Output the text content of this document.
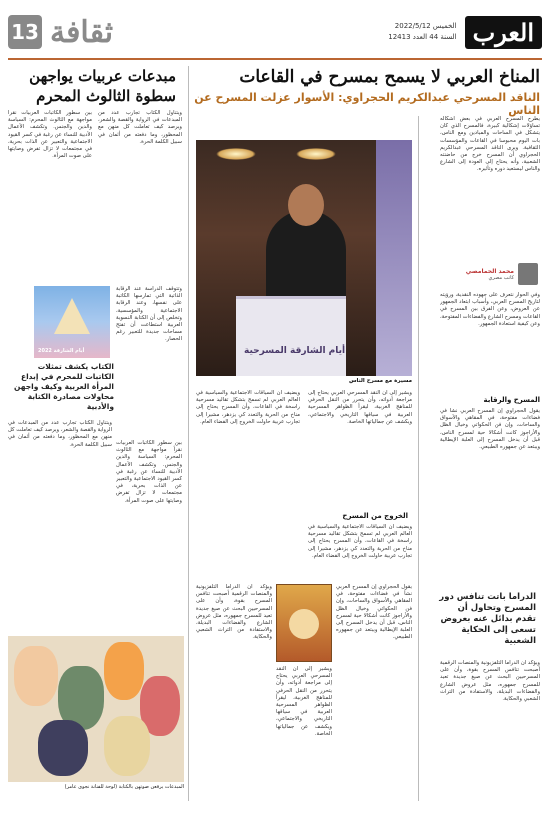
13 ثقافة	الخميس 2022/5/12
السنة 44 العدد 12413 العرب
المناخ العربي لا يسمح بمسرح في القاعات
الناقد المسرحي عبدالكريم الحجراوي: الأسوار عزلت المسرح عن الناس
يطرح المسرح العربي في بعض أشكاله تساؤلات إشكالية كبيرة، فالمسرح الذي كان يتشكل في الساحات والميادين ومع الناس، بات اليوم محبوسا في القاعات والمؤسسات الثقافية. ويرى الناقد المسرحي عبدالكريم الحجراوي أن المسرح خرج من حاضنته الشعبية، وأنه يحتاج إلى العودة إلى الشارع والناس ليستعيد دوره وتأثيره.
محمد الحمامصي
كاتب مصري
وفي الحوار نتعرف على جهوده النقدية، ورؤيته لتاريخ المسرح العربي، وأسباب ابتعاد الجمهور عن العروض، وعن الفرق بين المسرح في القاعات ومسرح الشارع والفضاءات المفتوحة، وعن كيفية استعادة الجمهور.
المسرح والرقابة
يقول الحجراوي إن المسرح العربي نشأ في فضاءات مفتوحة، في المقاهي والأسواق والساحات، وإن فن الحكواتي وخيال الظل والأراجوز كانت أشكالا حية لمسرح الناس، قبل أن يدخل المسرح إلى العلبة الإيطالية ويبتعد عن جمهوره الطبيعي.
الدراما باتت تنافس دور المسرح وتحاول أن تقدم بدائل عنه بعروض تسعى إلى الحكاية الشعبية
ويؤكد أن الدراما التلفزيونية والمنصات الرقمية أصبحت تنافس المسرح بقوة، وأن على المسرحيين البحث عن صيغ جديدة تعيد للمسرح جمهوره، مثل عروض الشارع والفضاءات البديلة، والاستفادة من التراث الشعبي والحكاية.
أيام الشارقة المسرحية
مسيرة مع مسرح الناس
ويضيف أن السياقات الاجتماعية والسياسية في العالم العربي لم تسمح بتشكل تقاليد مسرحية راسخة في القاعات، وأن المسرح يحتاج إلى مناخ من الحرية والتعدد كي يزدهر، مشيرا إلى تجارب عربية حاولت الخروج إلى الفضاء العام.
الخروج من المسرح
ويشير إلى أن النقد المسرحي العربي يحتاج إلى مراجعة أدواته، وأن يتحرر من النقل الحرفي للمناهج الغربية، ليقرأ الظواهر المسرحية العربية في سياقها التاريخي والاجتماعي، ويكشف عن جمالياتها الخاصة.
ويضيف أن السياقات الاجتماعية والسياسية في العالم العربي لم تسمح بتشكل تقاليد مسرحية راسخة في القاعات، وأن المسرح يحتاج إلى مناخ من الحرية والتعدد كي يزدهر، مشيرا إلى تجارب عربية حاولت الخروج إلى الفضاء العام.
ويؤكد أن الدراما التلفزيونية والمنصات الرقمية أصبحت تنافس المسرح بقوة، وأن على المسرحيين البحث عن صيغ جديدة تعيد للمسرح جمهوره، مثل عروض الشارع والفضاءات البديلة، والاستفادة من التراث الشعبي والحكاية.
ويشير إلى أن النقد المسرحي العربي يحتاج إلى مراجعة أدواته، وأن يتحرر من النقل الحرفي للمناهج الغربية، ليقرأ الظواهر المسرحية العربية في سياقها التاريخي والاجتماعي، ويكشف عن جمالياتها الخاصة.
يقول الحجراوي إن المسرح العربي نشأ في فضاءات مفتوحة، في المقاهي والأسواق والساحات، وإن فن الحكواتي وخيال الظل والأراجوز كانت أشكالا حية لمسرح الناس، قبل أن يدخل المسرح إلى العلبة الإيطالية ويبتعد عن جمهوره الطبيعي.
مبدعات عربيات يواجهن سطوة الثالوث المحرم
بين سطور الكاتبات العربيات نقرأ مواجهة مع الثالوث المحرم: السياسة والدين والجنس. وتكشف الأعمال الأدبية للنساء عن رغبة في كسر القيود الاجتماعية والتعبير عن الذات بحرية، في مجتمعات لا تزال تفرض وصايتها على صوت المرأة.
ويتناول الكتاب تجارب عدد من المبدعات في الرواية والقصة والشعر، ويرصد كيف تعاملت كل منهن مع المحظور، وما دفعته من أثمان في سبيل الكلمة الحرة.
2022 أيام الشارقة
وتتوقف الدراسة عند الرقابة الذاتية التي تمارسها الكاتبة على نفسها، وعند الرقابة الاجتماعية والمؤسسية، وتخلص إلى أن الكتابة النسوية العربية استطاعت أن تفتح مساحات جديدة للتعبير رغم الحصار.
الكتاب يكشف تمثلات الكاتبات للمحرم في إبداع المرأة العربية وكيف واجهن محاولات مصادرة الكتابة والأدبية
ويتناول الكتاب تجارب عدد من المبدعات في الرواية والقصة والشعر، ويرصد كيف تعاملت كل منهن مع المحظور، وما دفعته من أثمان في سبيل الكلمة الحرة. بين سطور الكاتبات العربيات نقرأ مواجهة مع الثالوث المحرم: السياسة والدين والجنس. وتكشف الأعمال الأدبية للنساء عن رغبة في كسر القيود الاجتماعية والتعبير عن الذات بحرية، في مجتمعات لا تزال تفرض وصايتها على صوت المرأة.
المبدعات يرفعن صوتهن بالكتابة (لوحة للفنانة نجوى عامر)
